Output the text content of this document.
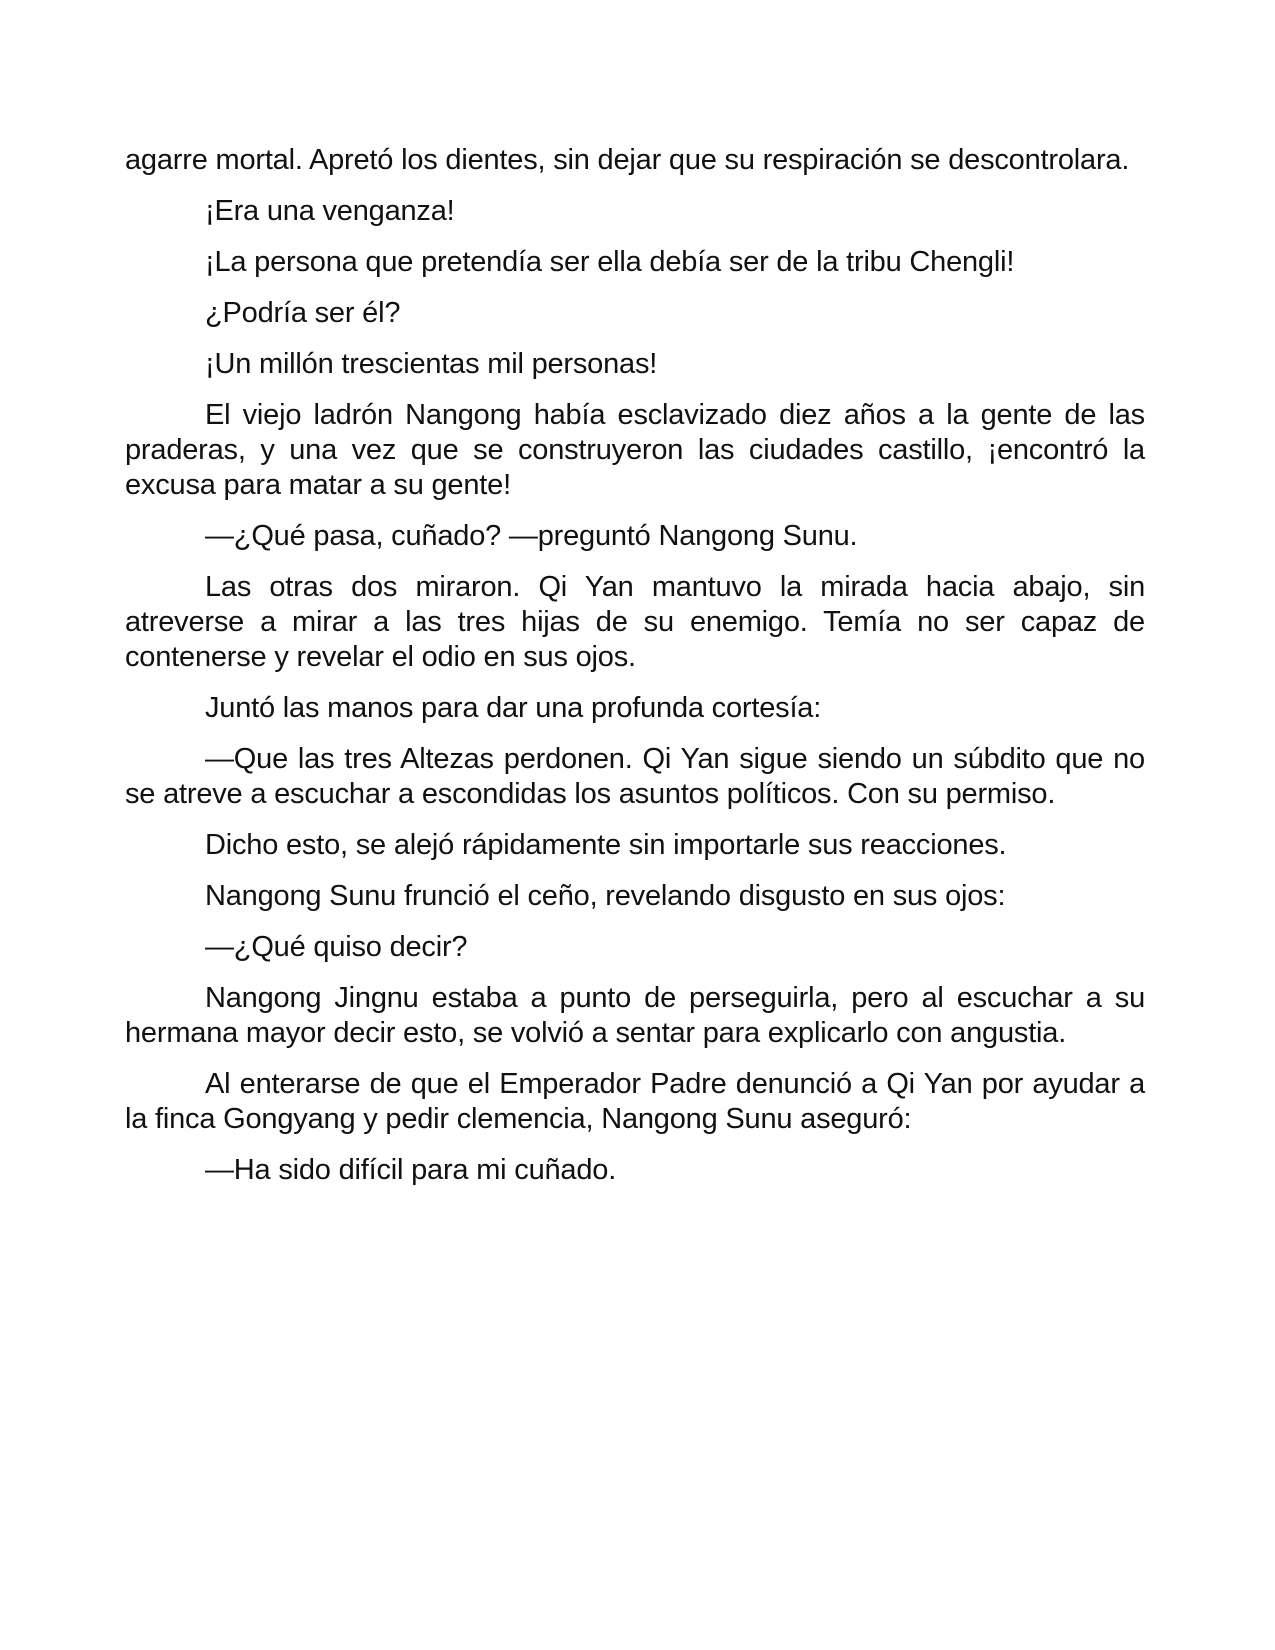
agarre mortal. Apretó los dientes, sin dejar que su respiración se descontrolara.

¡Era una venganza!

¡La persona que pretendía ser ella debía ser de la tribu Chengli!

¿Podría ser él?

¡Un millón trescientas mil personas!

El viejo ladrón Nangong había esclavizado diez años a la gente de las praderas, y una vez que se construyeron las ciudades castillo, ¡encontró la excusa para matar a su gente!

—¿Qué pasa, cuñado? —preguntó Nangong Sunu.

Las otras dos miraron. Qi Yan mantuvo la mirada hacia abajo, sin atreverse a mirar a las tres hijas de su enemigo. Temía no ser capaz de contenerse y revelar el odio en sus ojos.

Juntó las manos para dar una profunda cortesía:

—Que las tres Altezas perdonen. Qi Yan sigue siendo un súbdito que no se atreve a escuchar a escondidas los asuntos políticos. Con su permiso.

Dicho esto, se alejó rápidamente sin importarle sus reacciones.

Nangong Sunu frunció el ceño, revelando disgusto en sus ojos:

—¿Qué quiso decir?

Nangong Jingnu estaba a punto de perseguirla, pero al escuchar a su hermana mayor decir esto, se volvió a sentar para explicarlo con angustia.

Al enterarse de que el Emperador Padre denunció a Qi Yan por ayudar a la finca Gongyang y pedir clemencia, Nangong Sunu aseguró:

—Ha sido difícil para mi cuñado.
